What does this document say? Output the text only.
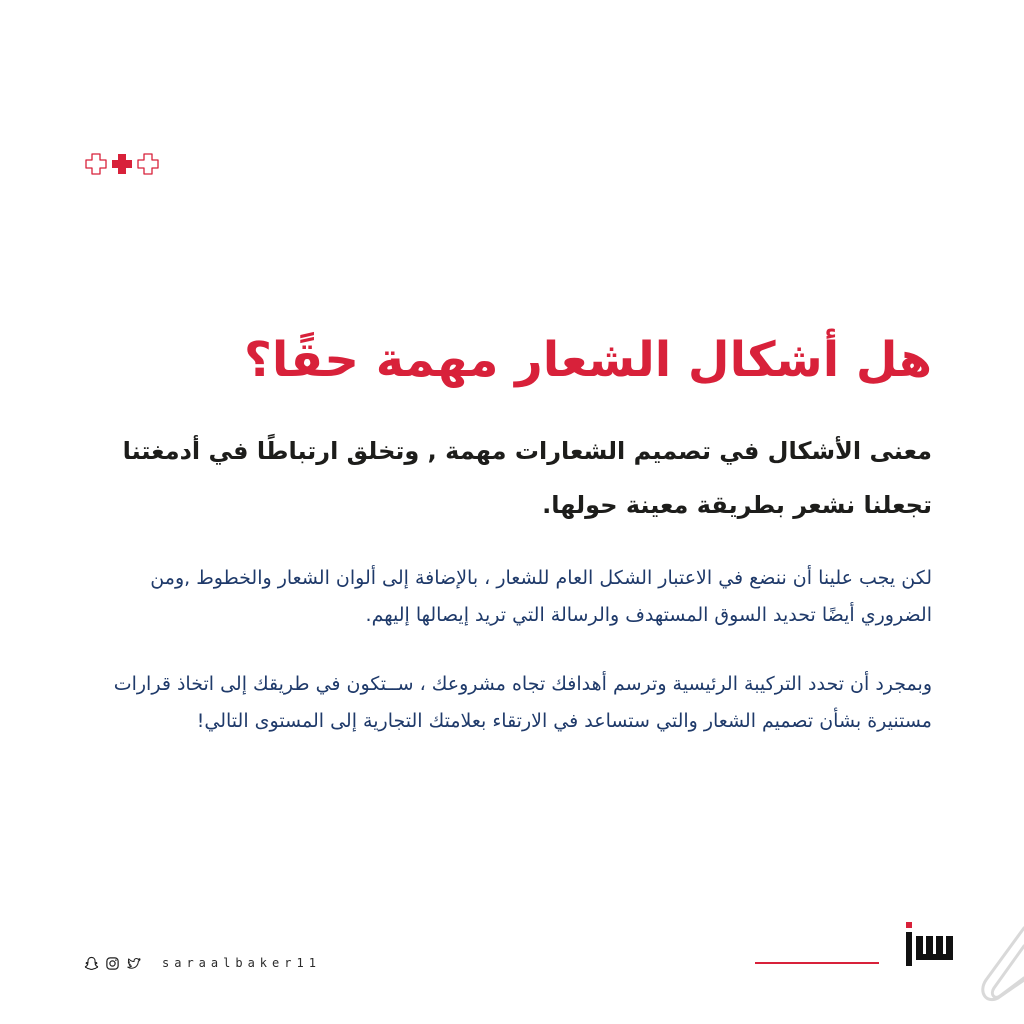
هل أشكال الشعار مهمة حقًا؟

معنى الأشكال في تصميم الشعارات مهمة , وتخلق ارتباطًا في أدمغتنا تجعلنا نشعر بطريقة معينة حولها.

لكن يجب علينا أن ننضع في الاعتبار الشكل العام للشعار ، بالإضافة إلى ألوان الشعار والخطوط ,ومن الضروري أيضًا تحديد السوق المستهدف والرسالة التي تريد إيصالها إليهم.

وبمجرد أن تحدد التركيبة الرئيسية وترسم أهدافك تجاه مشروعك ، ســتكون في طريقك إلى اتخاذ قرارات مستنيرة بشأن تصميم الشعار والتي ستساعد في الارتقاء بعلامتك التجارية إلى المستوى التالي!

saraalbaker11
